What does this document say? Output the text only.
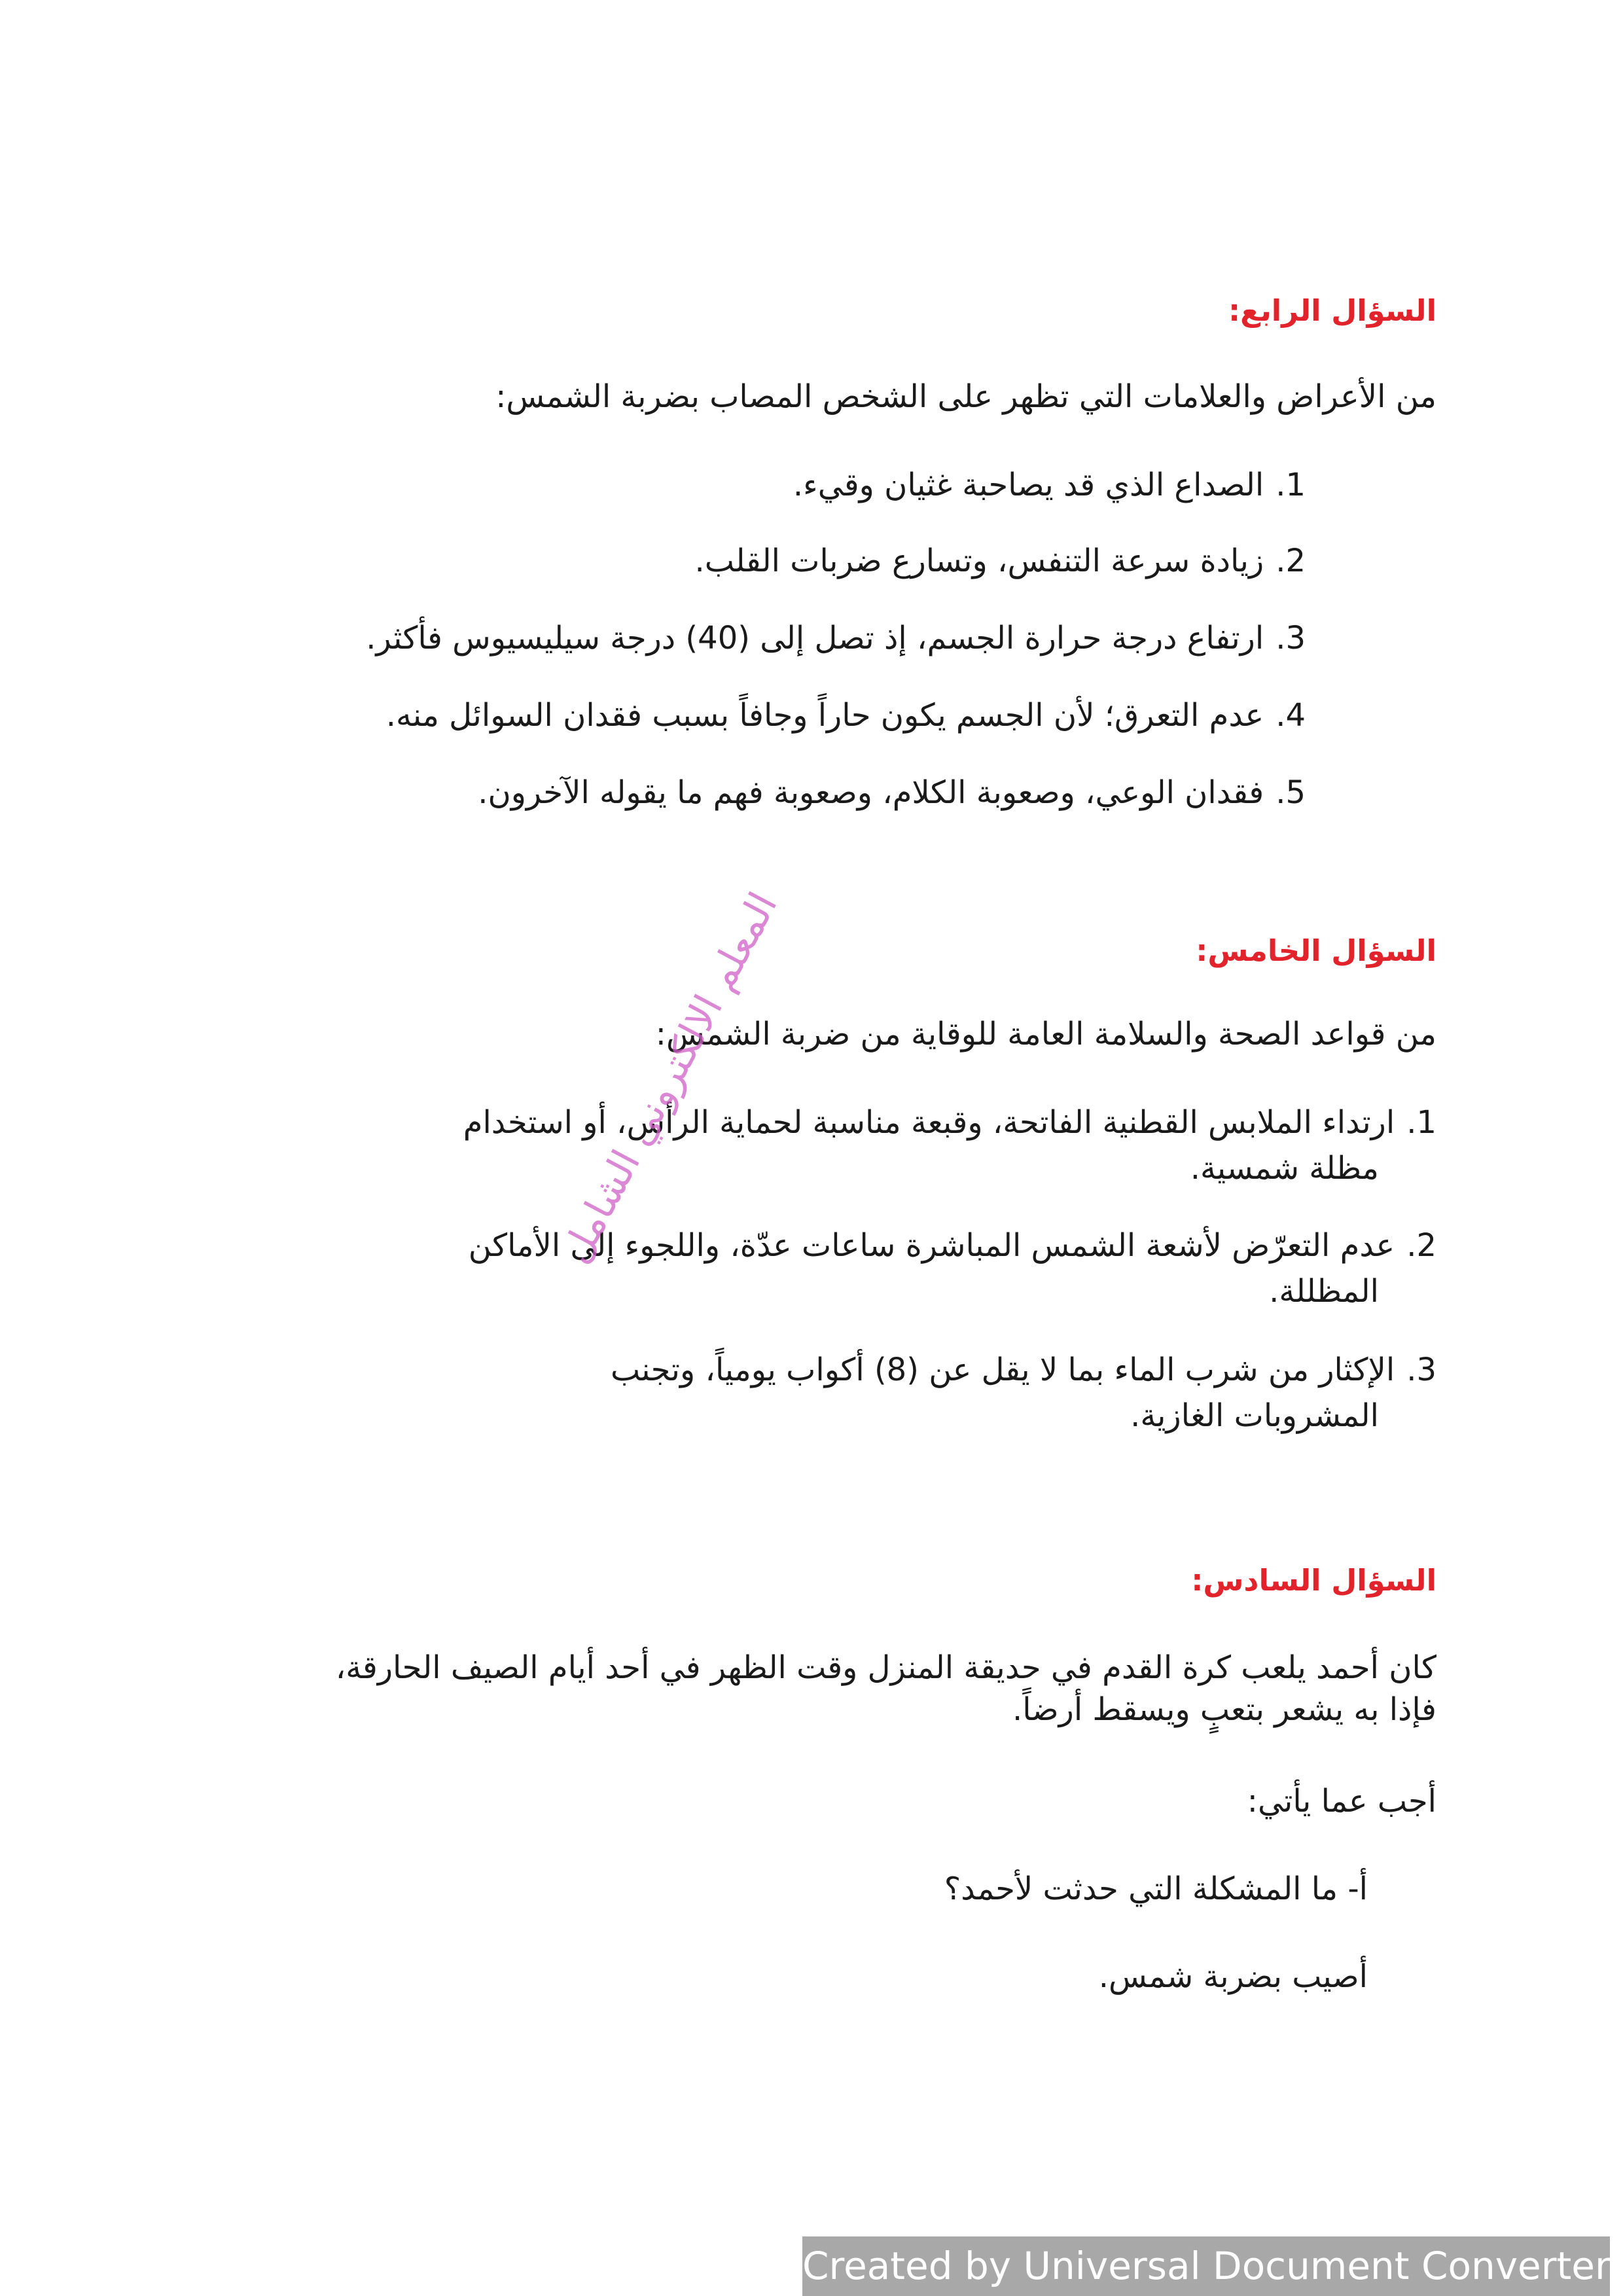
السؤال الرابع:
من الأعراض والعلامات التي تظهر على الشخص المصاب بضربة الشمس:
1.الصداع الذي قد يصاحبة غثيان وقيء.
2.زيادة سرعة التنفس، وتسارع ضربات القلب.
3.ارتفاع درجة حرارة الجسم، إذ تصل إلى (40) درجة سيليسيوس فأكثر.
4.عدم التعرق؛ لأن الجسم يكون حاراً وجافاً بسبب فقدان السوائل منه.
5.فقدان الوعي، وصعوبة الكلام، وصعوبة فهم ما يقوله الآخرون.
السؤال الخامس:
من قواعد الصحة والسلامة العامة للوقاية من ضربة الشمس:
1.ارتداء الملابس القطنية الفاتحة، وقبعة مناسبة لحماية الرأس، أو استخدام
مظلة شمسية.
2.عدم التعرّض لأشعة الشمس المباشرة ساعات عدّة، واللجوء إلى الأماكن
المظللة.
3.الإكثار من شرب الماء بما لا يقل عن (8) أكواب يومياً، وتجنب
المشروبات الغازية.
السؤال السادس:
كان أحمد يلعب كرة القدم في حديقة المنزل وقت الظهر في أحد أيام الصيف الحارقة،
فإذا به يشعر بتعبٍ ويسقط أرضاً.
أجب عما يأتي:
أ- ما المشكلة التي حدثت لأحمد؟
أصيب بضربة شمس.
المعلم الالكتروني الشامل
Created by Universal Document Converter
